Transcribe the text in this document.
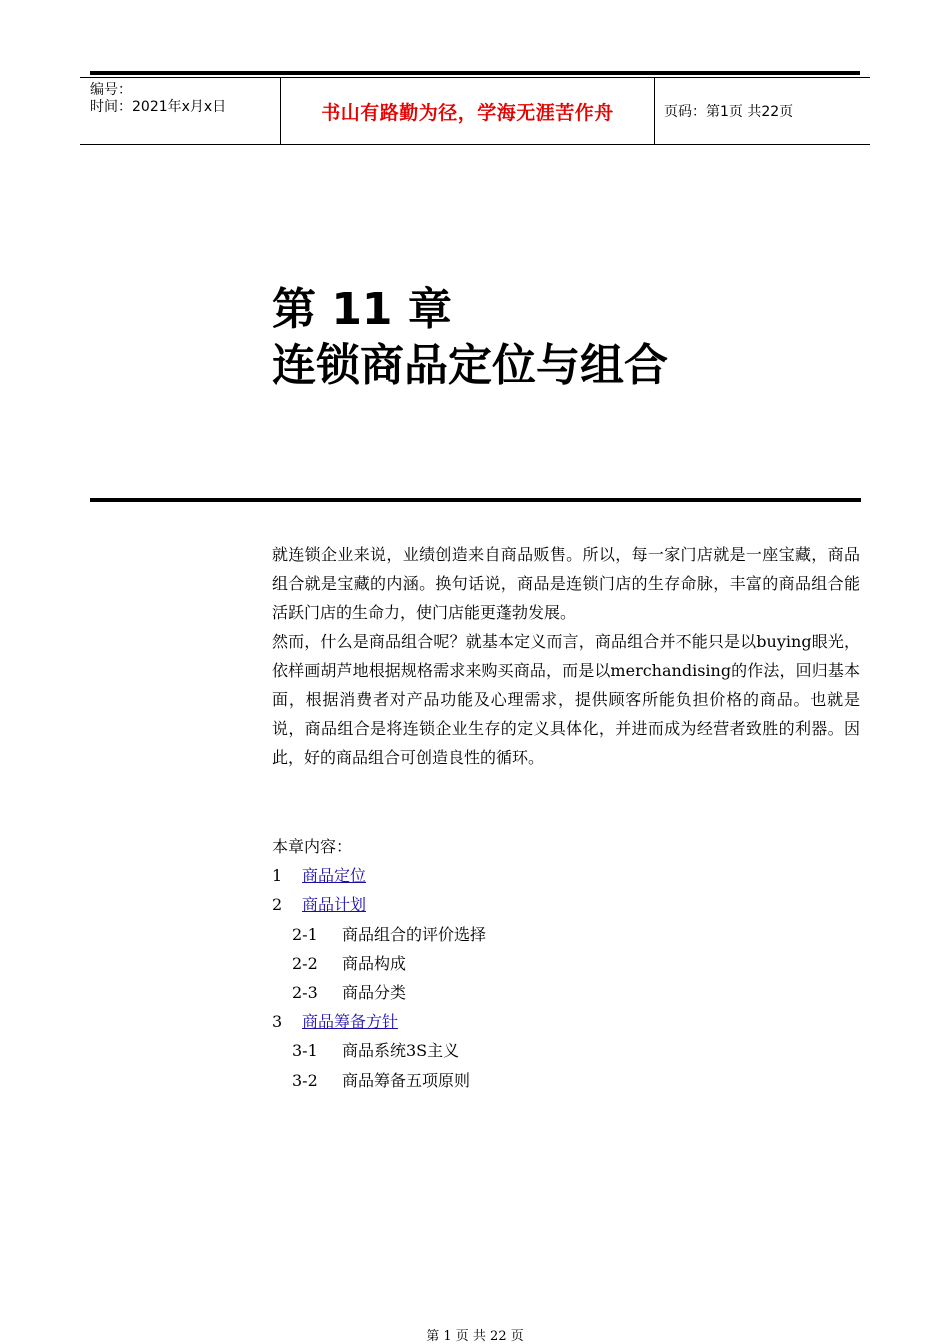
编号：
时间：2021年x月x日	书山有路勤为径，学海无涯苦作舟	页码：第1页 共22页
第 11 章
连锁商品定位与组合

就连锁企业来说，业绩创造来自商品贩售。所以，每一家门店就是一座宝藏，商品组合就是宝藏的内涵。换句话说，商品是连锁门店的生存命脉，丰富的商品组合能活跃门店的生命力，使门店能更蓬勃发展。

然而，什么是商品组合呢？就基本定义而言，商品组合并不能只是以buying眼光，依样画胡芦地根据规格需求来购买商品，而是以merchandising的作法，回归基本面，根据消费者对产品功能及心理需求，提供顾客所能负担价格的商品。也就是说，商品组合是将连锁企业生存的定义具体化，并进而成为经营者致胜的利器。因此，好的商品组合可创造良性的循环。

本章内容：
1 商品定位
2 商品计划
2-1 商品组合的评价选择
2-2 商品构成
2-3 商品分类
3 商品筹备方针
3-1 商品系统3S主义
3-2 商品筹备五项原则
第 1 页 共 22 页
